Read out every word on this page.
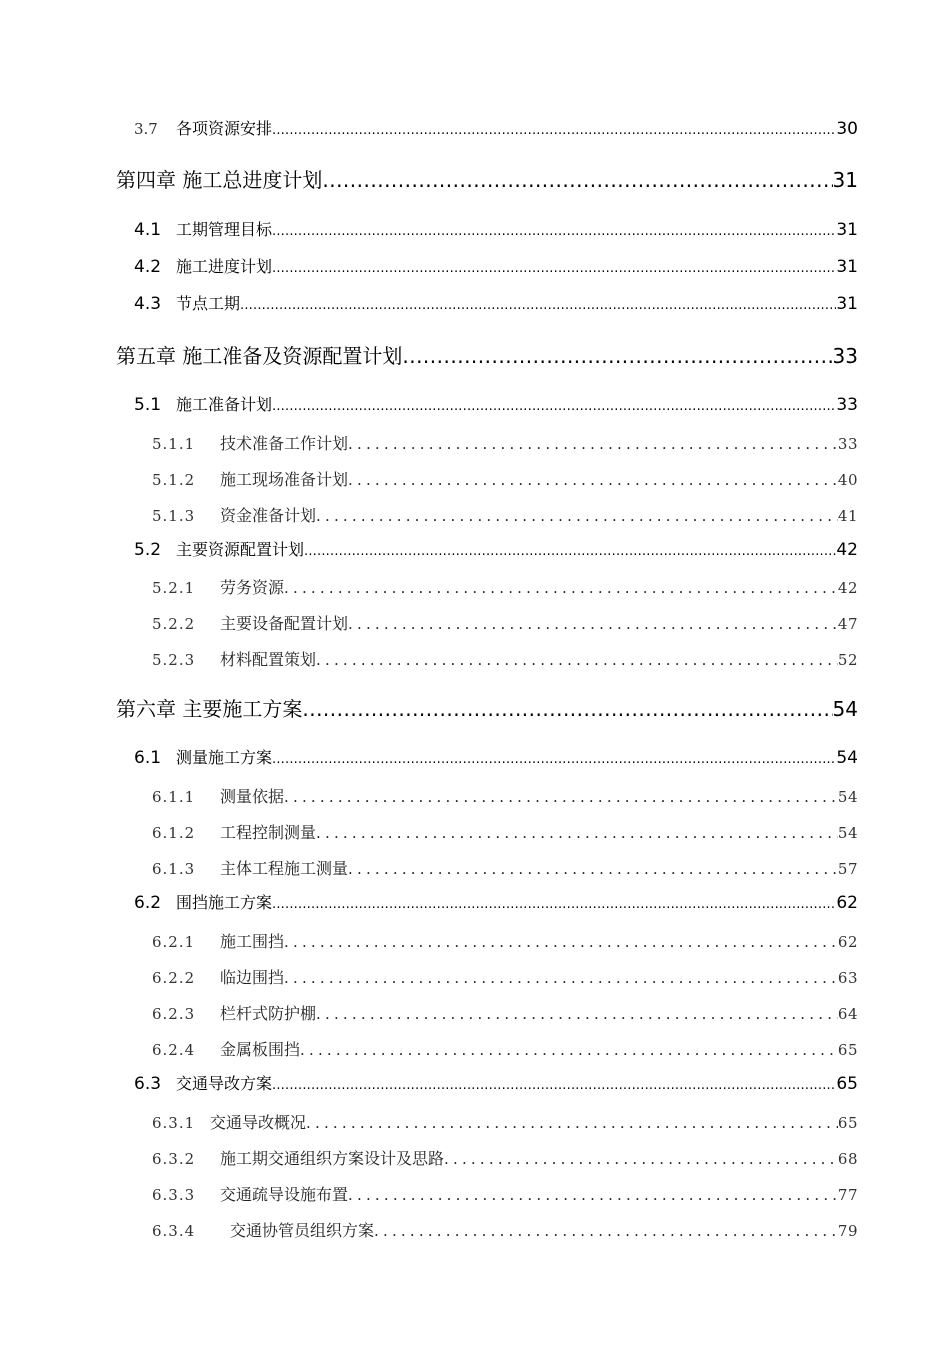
3.7	各项资源安排 .....	30
第四章 施工总进度计划 .....	31
4.1 工期管理目标 .....	31
4.2 施工进度计划 .....	31
4.3 节点工期 .....	31
第五章 施工准备及资源配置计划 .....	33
5.1 施工准备计划 .....	33
5.1.1	技术准备工作计划 .....	33
5.1.2	施工现场准备计划 .....	40
5.1.3	资金准备计划 .....	41
5.2 主要资源配置计划 .....	42
5.2.1	劳务资源 .....	42
5.2.2	主要设备配置计划 .....	47
5.2.3	材料配置策划 .....	52
第六章 主要施工方案 .....	54
6.1 测量施工方案 .....	54
6.1.1	测量依据 .....	54
6.1.2	工程控制测量 .....	54
6.1.3	主体工程施工测量 .....	57
6.2 围挡施工方案 .....	62
6.2.1	施工围挡 .....	62
6.2.2	临边围挡 .....	63
6.2.3	栏杆式防护棚 .....	64
6.2.4	金属板围挡 .....	65
6.3 交通导改方案 .....	65
6.3.1 交通导改概况 .....	65
6.3.2	施工期交通组织方案设计及思路 .....	68
6.3.3	交通疏导设施布置 .....	77
6.3.4	交通协管员组织方案 .....	79
